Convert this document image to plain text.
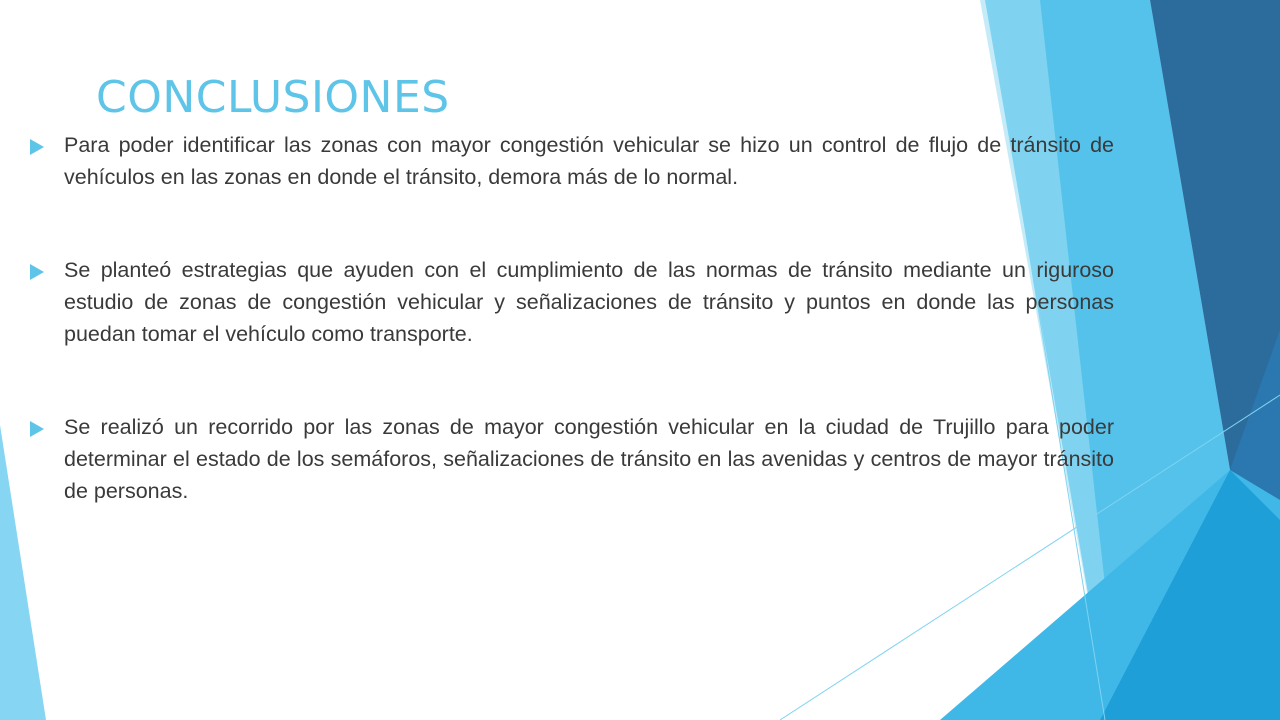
CONCLUSIONES
Para poder identificar las zonas con mayor congestión vehicular se hizo un control de flujo de tránsito de vehículos en las zonas en donde el tránsito, demora más de lo normal.
Se planteó estrategias que ayuden con el cumplimiento de las normas de tránsito mediante un riguroso estudio de zonas de congestión vehicular y señalizaciones de tránsito y puntos en donde las personas puedan tomar el vehículo como transporte.
Se realizó un recorrido por las zonas de mayor congestión vehicular en la ciudad de Trujillo para poder determinar el estado de los semáforos, señalizaciones de tránsito en las avenidas y centros de mayor tránsito de personas.
